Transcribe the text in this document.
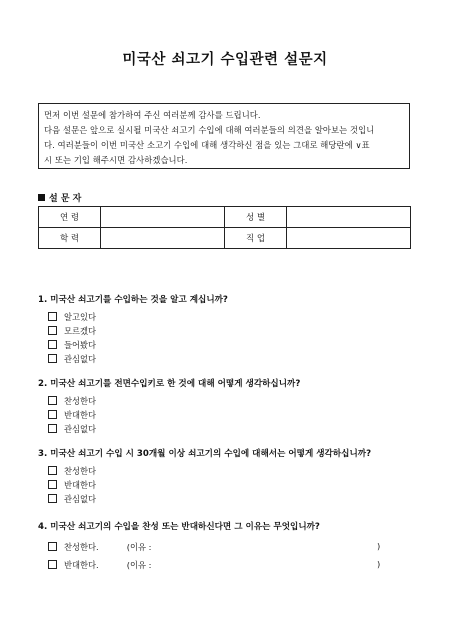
미국산 쇠고기 수입관련 설문지

먼저 이번 설문에 참가하여 주신 여러분께 감사를 드립니다.

다음 설문은 앞으로 실시될 미국산 쇠고기 수입에 대해 여러분들의 의견을 알아보는 것입니

다. 여러분들이 이번 미국산 소고기 수입에 대해 생각하신 점을 있는 그대로 해당란에 ∨표

시 또는 기입 해주시면 감사하겠습니다.

설 문 자
연 령		성 별	
학 력		직 업	
1. 미국산 쇠고기를 수입하는 것을 알고 계십니까?
알고있다
모르겠다
들어봤다
관심없다
2. 미국산 쇠고기를 전면수입키로 한 것에 대해 어떻게 생각하십니까?
찬성한다
반대한다
관심없다
3. 미국산 쇠고기 수입 시 30개월 이상 쇠고기의 수입에 대해서는 어떻게 생각하십니까?
찬성한다
반대한다
관심없다
4. 미국산 쇠고기의 수입을 찬성 또는 반대하신다면 그 이유는 무엇입니까?
찬성한다.	(이유 :	)
반대한다.	(이유 :	)
